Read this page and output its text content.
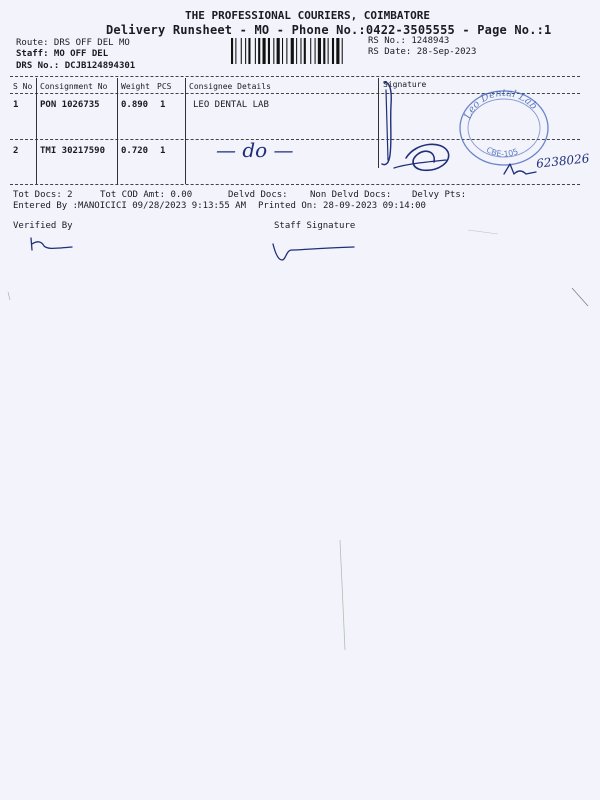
THE PROFESSIONAL COURIERS, COIMBATORE
Delivery Runsheet - MO - Phone No.:0422-3505555 - Page No.:1
Route: DRS OFF DEL MO
Staff: MO OFF DEL
DRS No.: DCJB124894301
RS No.: 1248943
RS Date: 28-Sep-2023
S No Consignment No Weight PCS Consignee Details	Signature
1 PON 1026735 0.890 1	LEO DENTAL LAB
2 TMI 30217590 0.720 1	— do —
Leo Dental Lab
CBE-105 6238026
Tot Docs: 2	Tot COD Amt: 0.00	Delvd Docs: Non Delvd Docs: Delvy Pts:
Entered By :MANOICICI 09/28/2023 9:13:55 AM Printed On: 28-09-2023 09:14:00
Verified By	Staff Signature
